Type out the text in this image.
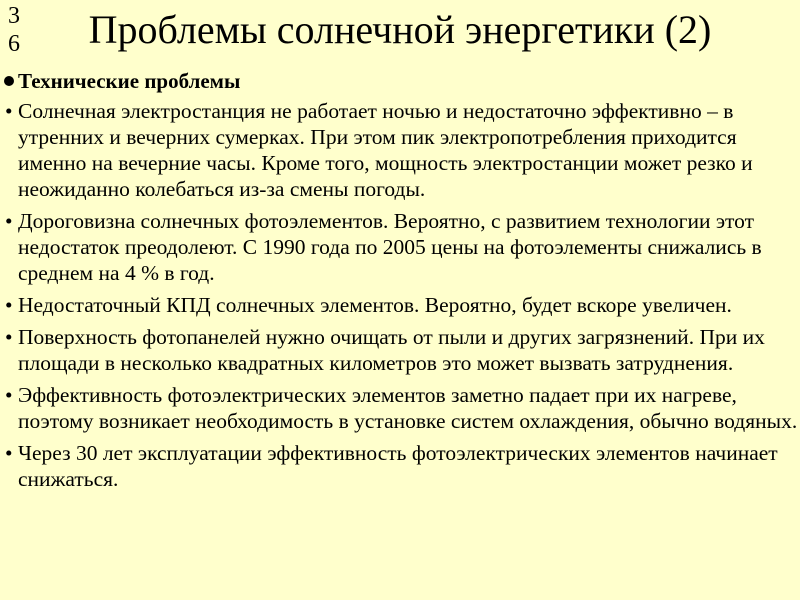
3
6	Проблемы солнечной энергетики (2)
Технические проблемы
• Солнечная электростанция не работает ночью и недостаточно эффективно – в утренних и вечерних сумерках. При этом пик электропотребления приходится именно на вечерние часы. Кроме того, мощность электростанции может резко и неожиданно колебаться из-за смены погоды.
• Дороговизна солнечных фотоэлементов. Вероятно, с развитием технологии этот недостаток преодолеют. С 1990 года по 2005 цены на фотоэлементы снижались в среднем на 4 % в год.
• Недостаточный КПД солнечных элементов. Вероятно, будет вскоре увеличен.
• Поверхность фотопанелей нужно очищать от пыли и других загрязнений. При их площади в несколько квадратных километров это может вызвать затруднения.
• Эффективность фотоэлектрических элементов заметно падает при их нагреве, поэтому возникает необходимость в установке систем охлаждения, обычно водяных.
• Через 30 лет эксплуатации эффективность фотоэлектрических элементов начинает снижаться.
